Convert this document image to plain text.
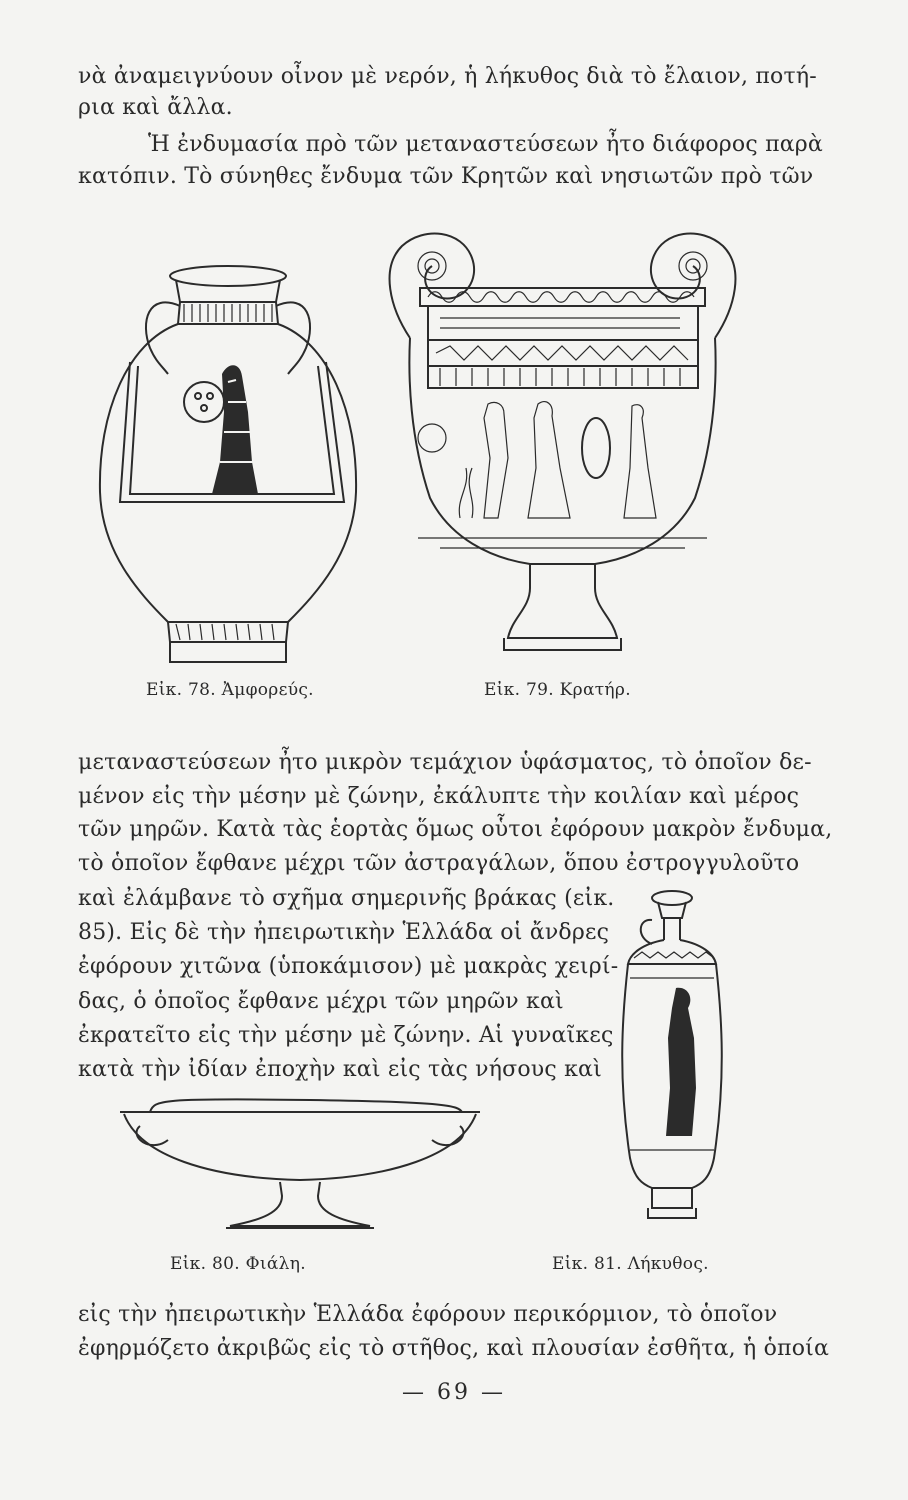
νὰ ἀναμειγνύουν οἶνον μὲ νερόν, ἡ λήκυθος διὰ τὸ ἔλαιον, ποτή-
ρια καὶ ἄλλα.
Ἡ ἐνδυμασία πρὸ τῶν μεταναστεύσεων ἦτο διάφορος παρὰ
κατόπιν. Τὸ σύνηθες ἔνδυμα τῶν Κρητῶν καὶ νησιωτῶν πρὸ τῶν
Εἰκ. 78. Ἀμφορεύς.	Εἰκ. 79. Κρατήρ.
μεταναστεύσεων ἦτο μικρὸν τεμάχιον ὑφάσματος, τὸ ὁποῖον δε-
μένον εἰς τὴν μέσην μὲ ζώνην, ἐκάλυπτε τὴν κοιλίαν καὶ μέρος
τῶν μηρῶν. Κατὰ τὰς ἑορτὰς ὅμως οὗτοι ἐφόρουν μακρὸν ἔνδυμα,
τὸ ὁποῖον ἔφθανε μέχρι τῶν ἀστραγάλων, ὅπου ἐστρογγυλοῦτο
καὶ ἐλάμβανε τὸ σχῆμα σημερινῆς βράκας (εἰκ.
85). Εἰς δὲ τὴν ἠπειρωτικὴν Ἑλλάδα οἱ ἄνδρες
ἐφόρουν χιτῶνα (ὑποκάμισον) μὲ μακρὰς χειρί-
δας, ὁ ὁποῖος ἔφθανε μέχρι τῶν μηρῶν καὶ
ἐκρατεῖτο εἰς τὴν μέσην μὲ ζώνην. Αἱ γυναῖκες
κατὰ τὴν ἰδίαν ἐποχὴν καὶ εἰς τὰς νήσους καὶ
Εἰκ. 80. Φιάλη.	Εἰκ. 81. Λήκυθος.
εἰς τὴν ἠπειρωτικὴν Ἑλλάδα ἐφόρουν περικόρμιον, τὸ ὁποῖον
ἐφηρμόζετο ἀκριβῶς εἰς τὸ στῆθος, καὶ πλουσίαν ἐσθῆτα, ἡ ὁποία
— 69 —
